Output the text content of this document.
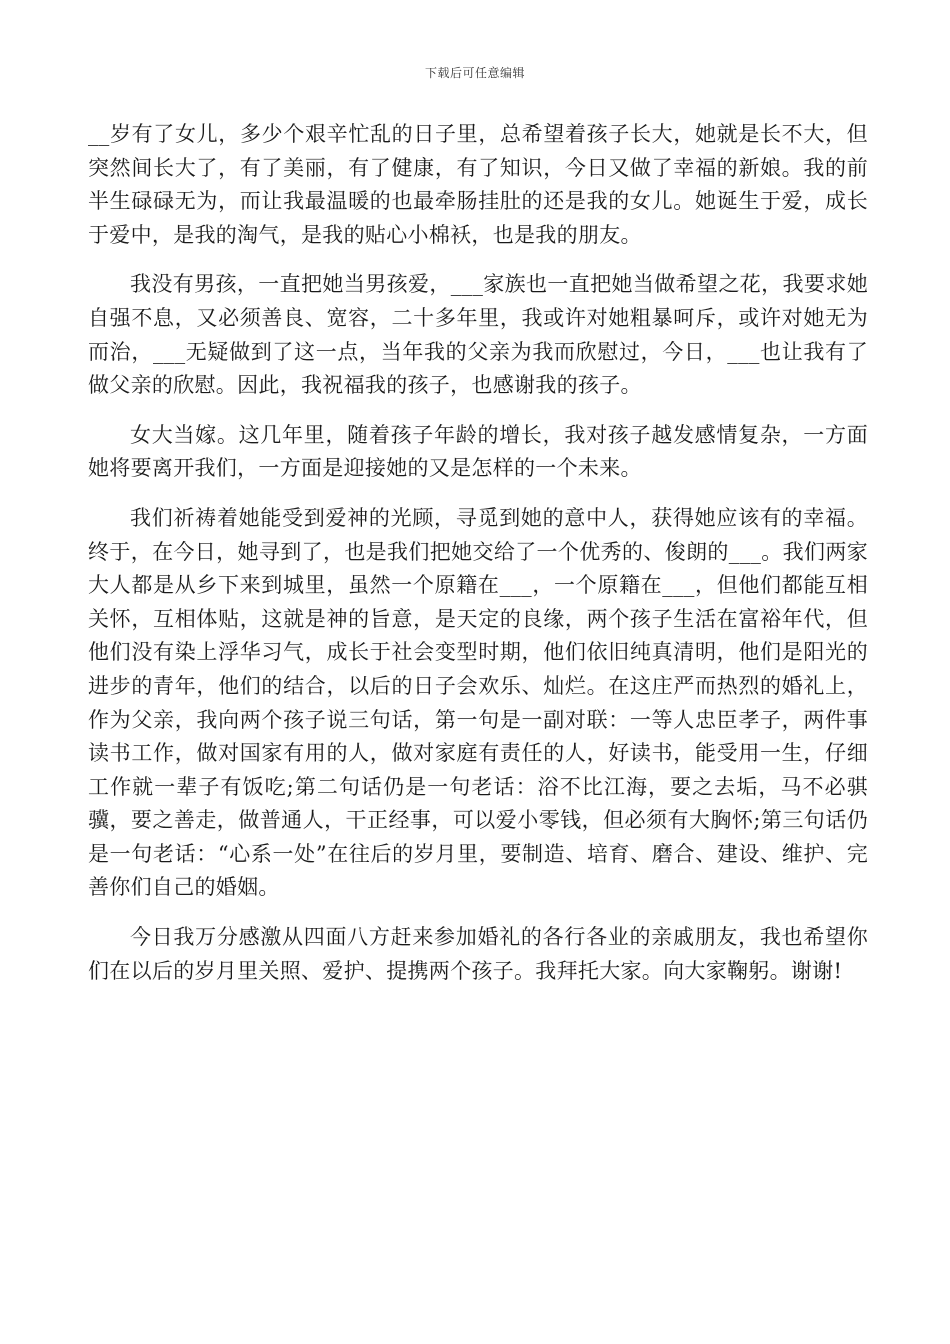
下载后可任意编辑

__岁有了女儿，多少个艰辛忙乱的日子里，总希望着孩子长大，她就是长不大，但突然间长大了，有了美丽，有了健康，有了知识，今日又做了幸福的新娘。我的前半生碌碌无为，而让我最温暖的也最牵肠挂肚的还是我的女儿。她诞生于爱，成长于爱中，是我的淘气，是我的贴心小棉袄，也是我的朋友。

我没有男孩，一直把她当男孩爱，___家族也一直把她当做希望之花，我要求她自强不息，又必须善良、宽容，二十多年里，我或许对她粗暴呵斥，或许对她无为而治，___无疑做到了这一点，当年我的父亲为我而欣慰过，今日，___也让我有了做父亲的欣慰。因此，我祝福我的孩子，也感谢我的孩子。

女大当嫁。这几年里，随着孩子年龄的增长，我对孩子越发感情复杂，一方面她将要离开我们，一方面是迎接她的又是怎样的一个未来。

我们祈祷着她能受到爱神的光顾，寻觅到她的意中人，获得她应该有的幸福。终于，在今日，她寻到了，也是我们把她交给了一个优秀的、俊朗的___。我们两家大人都是从乡下来到城里，虽然一个原籍在___，一个原籍在___，但他们都能互相关怀，互相体贴，这就是神的旨意，是天定的良缘，两个孩子生活在富裕年代，但他们没有染上浮华习气，成长于社会变型时期，他们依旧纯真清明，他们是阳光的进步的青年，他们的结合，以后的日子会欢乐、灿烂。在这庄严而热烈的婚礼上，作为父亲，我向两个孩子说三句话，第一句是一副对联：一等人忠臣孝子，两件事读书工作，做对国家有用的人，做对家庭有责任的人，好读书，能受用一生，仔细工作就一辈子有饭吃;第二句话仍是一句老话：浴不比江海，要之去垢，马不必骐骥，要之善走，做普通人，干正经事，可以爱小零钱，但必须有大胸怀;第三句话仍是一句老话：“心系一处”在往后的岁月里，要制造、培育、磨合、建设、维护、完善你们自己的婚姻。

今日我万分感激从四面八方赶来参加婚礼的各行各业的亲戚朋友，我也希望你们在以后的岁月里关照、爱护、提携两个孩子。我拜托大家。向大家鞠躬。谢谢!
